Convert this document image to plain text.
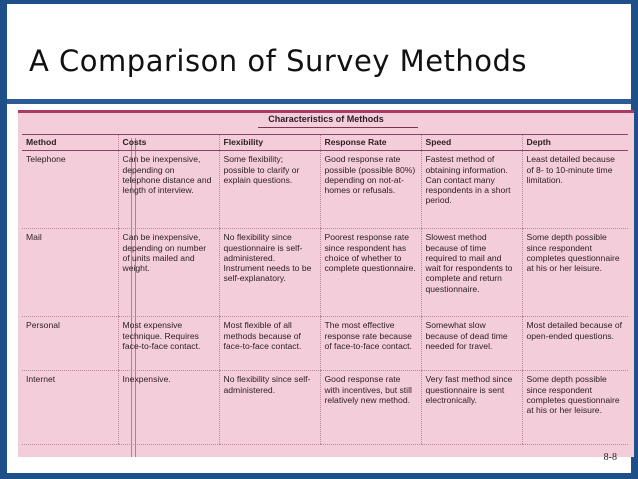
A Comparison of Survey Methods
Characteristics of Methods
Method	Costs	Flexibility	Response Rate	Speed	Depth
Telephone	Can be inexpensive, depending on telephone distance and length of interview.	Some flexibility; possible to clarify or explain questions.	Good response rate possible (possible 80%) depending on not-at-homes or refusals.	Fastest method of obtaining information. Can contact many respondents in a short period.	Least detailed because of 8- to 10-minute time limitation.
Mail	Can be inexpensive, depending on number of units mailed and weight.	No flexibility since questionnaire is self-administered. Instrument needs to be self-explanatory.	Poorest response rate since respondent has choice of whether to complete questionnaire.	Slowest method because of time required to mail and wait for respondents to complete and return questionnaire.	Some depth possible since respondent completes questionnaire at his or her leisure.
Personal	Most expensive technique. Requires face-to-face contact.	Most flexible of all methods because of face-to-face contact.	The most effective response rate because of face-to-face contact.	Somewhat slow because of dead time needed for travel.	Most detailed because of open-ended questions.
Internet	Inexpensive.	No flexibility since self-administered.	Good response rate with incentives, but still relatively new method.	Very fast method since questionnaire is sent electronically.	Some depth possible since respondent completes questionnaire at his or her leisure.
8-8
